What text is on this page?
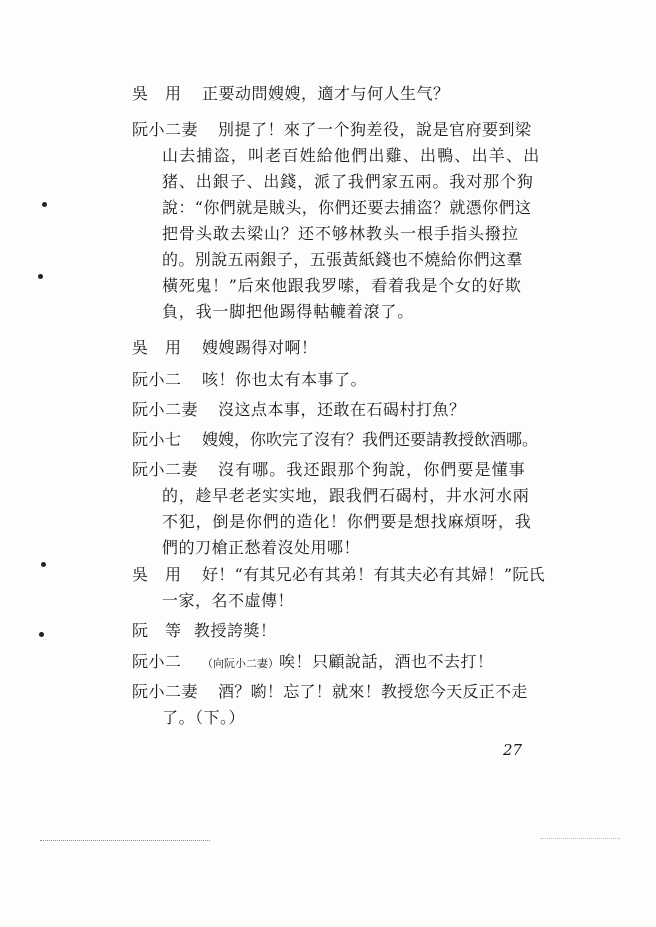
吳　用 正要动問嫂嫂，適才与何人生气？
阮小二妻 別提了！來了一个狗差役，說是官府要到梁
山去捕盗，叫老百姓給他們出雞、出鴨、出羊、出
猪、出銀子、出錢，派了我們家五兩。我对那个狗
說：“你們就是賊头，你們还要去捕盗？就憑你們这
把骨头敢去梁山？还不够林教头一根手指头撥拉
的。別說五兩銀子，五張黃紙錢也不燒給你們这羣
橫死鬼！”后來他跟我罗嗦，看着我是个女的好欺
負，我一脚把他踢得軲轆着滾了。
吳　用 嫂嫂踢得对啊！
阮小二 咳！你也太有本事了。
阮小二妻 沒这点本事，还敢在石碣村打魚？
阮小七 嫂嫂，你吹完了沒有？我們还要請教授飲酒哪。
阮小二妻 沒有哪。我还跟那个狗說，你們要是懂事
的，趁早老老实实地，跟我們石碣村，井水河水兩
不犯，倒是你們的造化！你們要是想找麻煩呀，我
們的刀槍正愁着沒处用哪！
吳　用 好！“有其兄必有其弟！有其夫必有其婦！”阮氏
一家，名不虛傳！
阮　等 教授誇獎！
阮小二 （向阮小二妻）唉！只顧說話，酒也不去打！
阮小二妻 酒？喲！忘了！就來！教授您今天反正不走
了。（下。）
27
